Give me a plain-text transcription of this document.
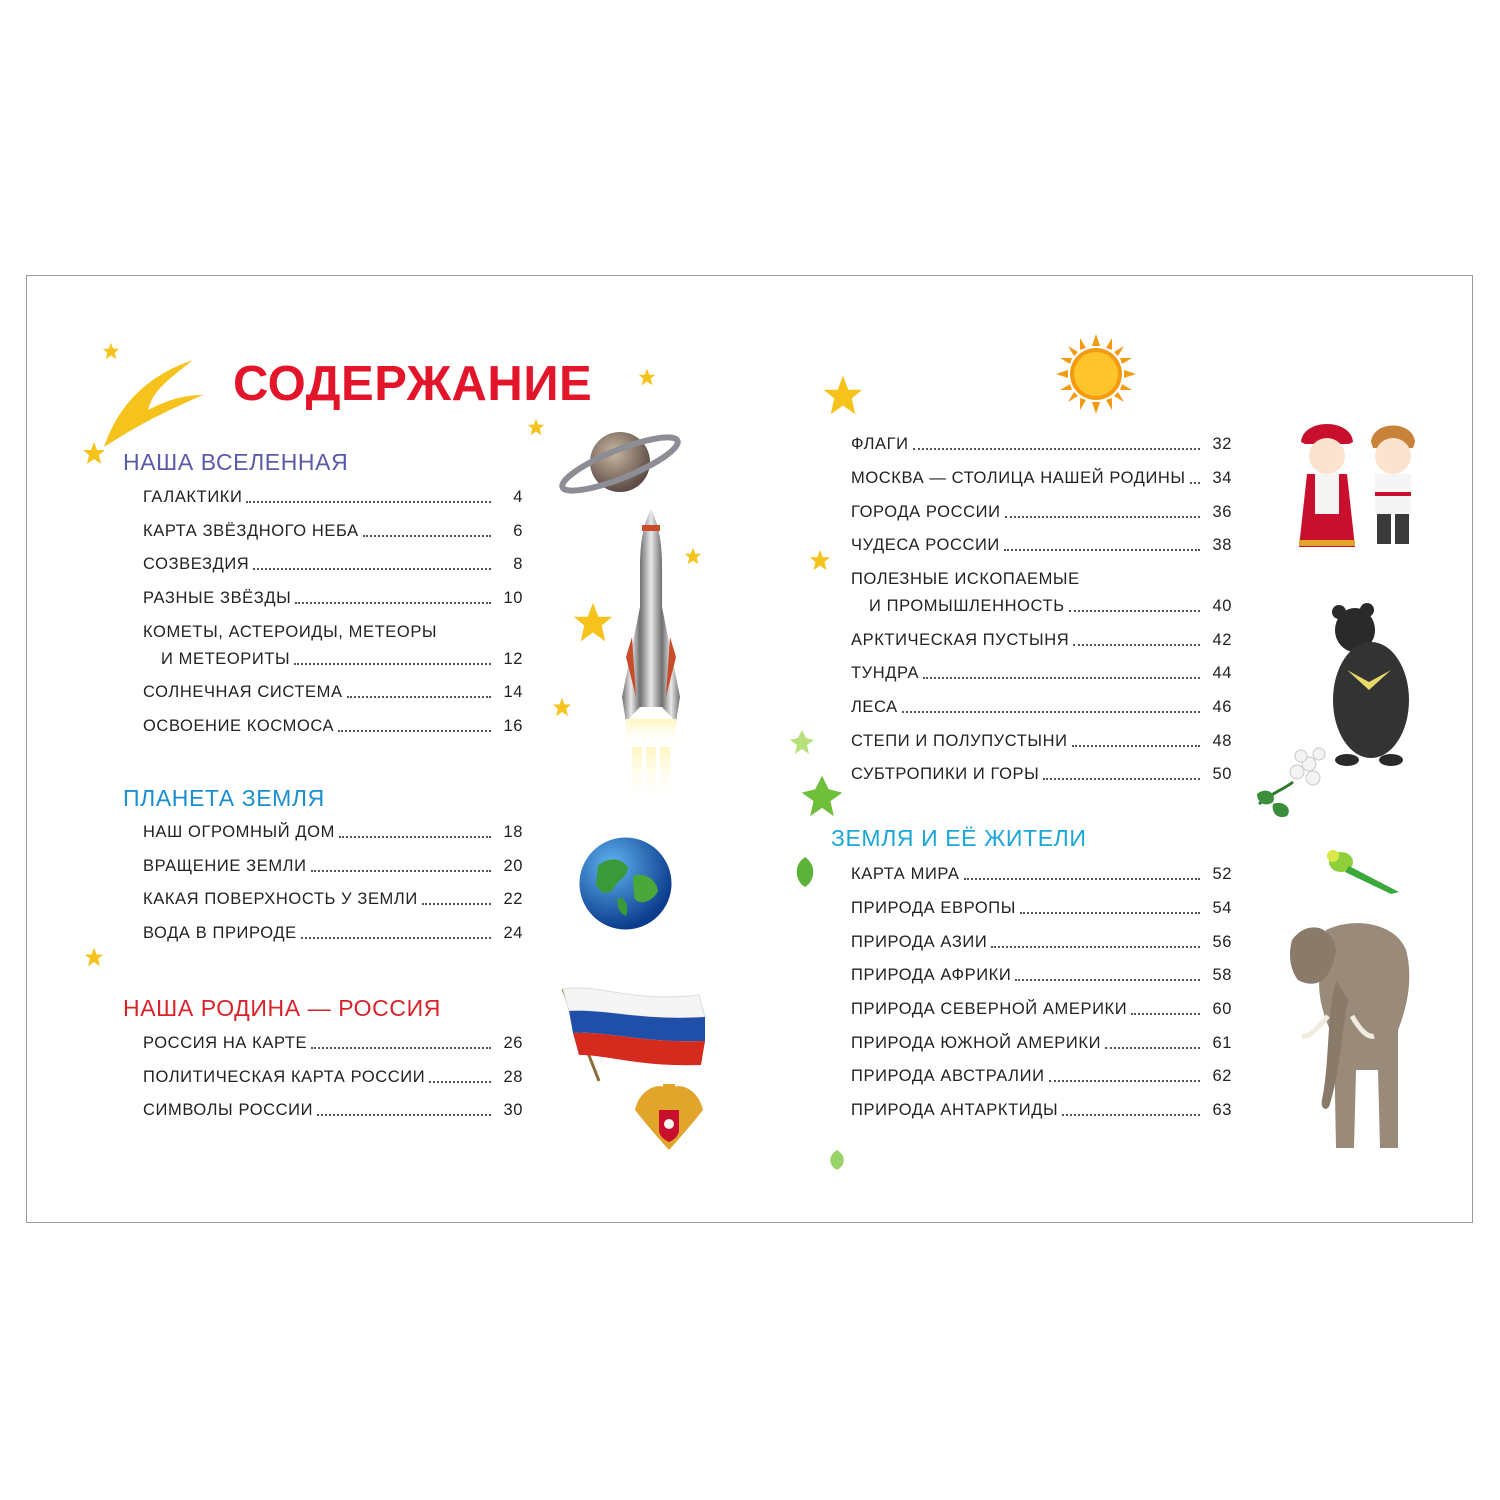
СОДЕРЖАНИЕ
НАША ВСЕЛЕННАЯ
ПЛАНЕТА ЗЕМЛЯ
НАША РОДИНА — РОССИЯ
ЗЕМЛЯ И ЕЁ ЖИТЕЛИ
ГАЛАКТИКИ	4
КАРТА ЗВЁЗДНОГО НЕБА	6
СОЗВЕЗДИЯ	8
РАЗНЫЕ ЗВЁЗДЫ	10
КОМЕТЫ, АСТЕРОИДЫ, МЕТЕОРЫ
И МЕТЕОРИТЫ	12
СОЛНЕЧНАЯ СИСТЕМА	14
ОСВОЕНИЕ КОСМОСА	16
НАШ ОГРОМНЫЙ ДОМ	18
ВРАЩЕНИЕ ЗЕМЛИ	20
КАКАЯ ПОВЕРХНОСТЬ У ЗЕМЛИ	22
ВОДА В ПРИРОДЕ	24
РОССИЯ НА КАРТЕ	26
ПОЛИТИЧЕСКАЯ КАРТА РОССИИ	28
СИМВОЛЫ РОССИИ	30
ФЛАГИ	32
МОСКВА — СТОЛИЦА НАШЕЙ РОДИНЫ	34
ГОРОДА РОССИИ	36
ЧУДЕСА РОССИИ	38
ПОЛЕЗНЫЕ ИСКОПАЕМЫЕ
И ПРОМЫШЛЕННОСТЬ	40
АРКТИЧЕСКАЯ ПУСТЫНЯ	42
ТУНДРА	44
ЛЕСА	46
СТЕПИ И ПОЛУПУСТЫНИ	48
СУБТРОПИКИ И ГОРЫ	50
КАРТА МИРА	52
ПРИРОДА ЕВРОПЫ	54
ПРИРОДА АЗИИ	56
ПРИРОДА АФРИКИ	58
ПРИРОДА СЕВЕРНОЙ АМЕРИКИ	60
ПРИРОДА ЮЖНОЙ АМЕРИКИ	61
ПРИРОДА АВСТРАЛИИ	62
ПРИРОДА АНТАРКТИДЫ	63
